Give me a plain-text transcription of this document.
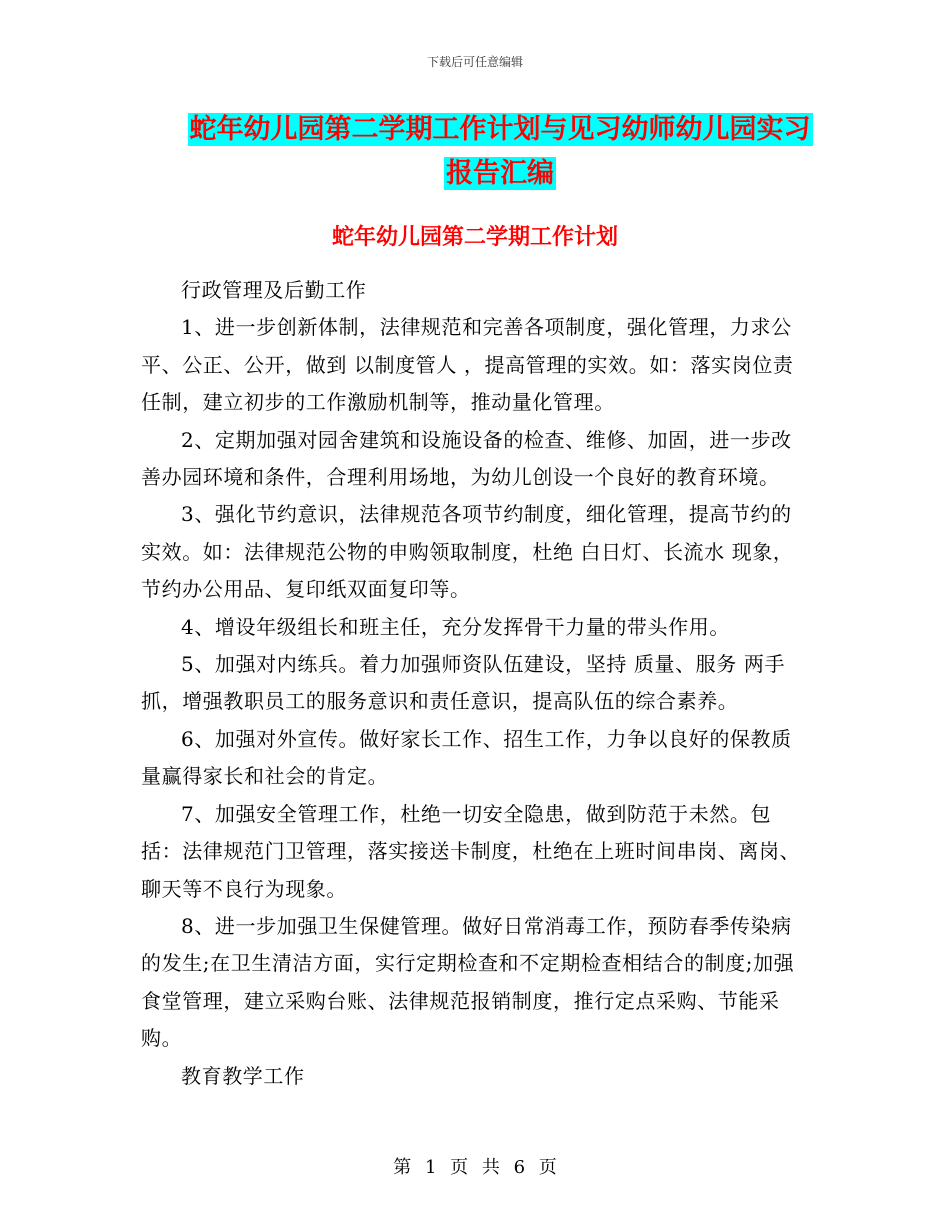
下载后可任意编辑
蛇年幼儿园第二学期工作计划与见习幼师幼儿园实习
报告汇编
蛇年幼儿园第二学期工作计划

行政管理及后勤工作

1、进一步创新体制，法律规范和完善各项制度，强化管理，力求公平、公正、公开，做到 以制度管人 ，提高管理的实效。如：落实岗位责任制，建立初步的工作激励机制等，推动量化管理。

2、定期加强对园舍建筑和设施设备的检查、维修、加固，进一步改善办园环境和条件，合理利用场地，为幼儿创设一个良好的教育环境。

3、强化节约意识，法律规范各项节约制度，细化管理，提高节约的实效。如：法律规范公物的申购领取制度，杜绝 白日灯、长流水 现象，节约办公用品、复印纸双面复印等。

4、增设年级组长和班主任，充分发挥骨干力量的带头作用。

5、加强对内练兵。着力加强师资队伍建设，坚持 质量、服务 两手抓，增强教职员工的服务意识和责任意识，提高队伍的综合素养。

6、加强对外宣传。做好家长工作、招生工作，力争以良好的保教质量赢得家长和社会的肯定。

7、加强安全管理工作，杜绝一切安全隐患，做到防范于未然。包括：法律规范门卫管理，落实接送卡制度，杜绝在上班时间串岗、离岗、聊天等不良行为现象。

8、进一步加强卫生保健管理。做好日常消毒工作，预防春季传染病的发生;在卫生清洁方面，实行定期检查和不定期检查相结合的制度;加强食堂管理，建立采购台账、法律规范报销制度，推行定点采购、节能采购。

教育教学工作

第 1 页 共 6 页
